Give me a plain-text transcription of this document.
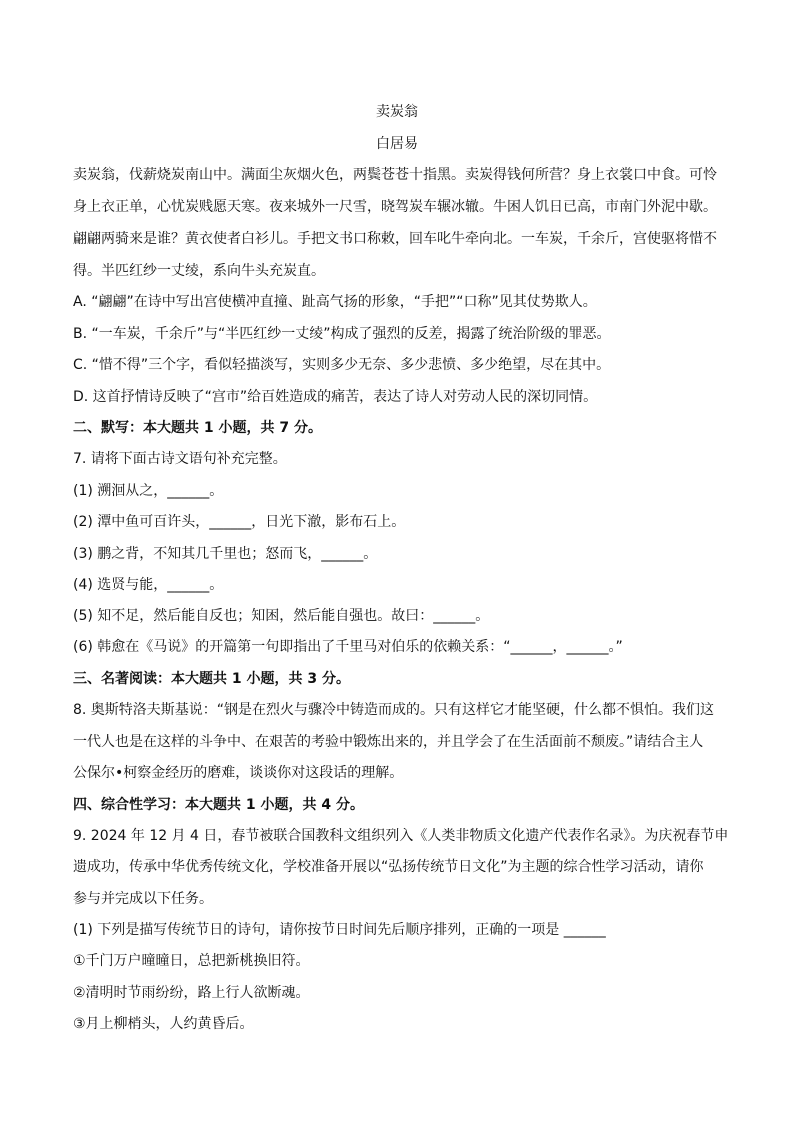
卖炭翁
白居易
卖炭翁，伐薪烧炭南山中。满面尘灰烟火色，两鬓苍苍十指黑。卖炭得钱何所营？身上衣裳口中食。可怜
身上衣正单，心忧炭贱愿天寒。夜来城外一尺雪，晓驾炭车辗冰辙。牛困人饥日已高，市南门外泥中歇。
翩翩两骑来是谁？黄衣使者白衫儿。手把文书口称敕，回车叱牛牵向北。一车炭，千余斤，宫使驱将惜不
得。半匹红纱一丈绫，系向牛头充炭直。
A. “翩翩”在诗中写出宫使横冲直撞、趾高气扬的形象，“手把”“口称”见其仗势欺人。
B. “一车炭，千余斤”与“半匹红纱一丈绫”构成了强烈的反差，揭露了统治阶级的罪恶。
C. “惜不得”三个字，看似轻描淡写，实则多少无奈、多少悲愤、多少绝望，尽在其中。
D. 这首抒情诗反映了“宫市”给百姓造成的痛苦，表达了诗人对劳动人民的深切同情。
二、默写：本大题共 1 小题，共 7 分。
7. 请将下面古诗文语句补充完整。
(1) 溯洄从之，______。
(2) 潭中鱼可百许头，______，日光下澈，影布石上。
(3) 鹏之背，不知其几千里也；怒而飞，______。
(4) 选贤与能，______。
(5) 知不足，然后能自反也；知困，然后能自强也。故曰：______。
(6) 韩愈在《马说》的开篇第一句即指出了千里马对伯乐的依赖关系：“______，______。”
三、名著阅读：本大题共 1 小题，共 3 分。
8. 奥斯特洛夫斯基说：“钢是在烈火与骤冷中铸造而成的。只有这样它才能坚硬，什么都不惧怕。我们这
一代人也是在这样的斗争中、在艰苦的考验中锻炼出来的，并且学会了在生活面前不颓废。”请结合主人
公保尔•柯察金经历的磨难，谈谈你对这段话的理解。
四、综合性学习：本大题共 1 小题，共 4 分。
9. 2024 年 12 月 4 日，春节被联合国教科文组织列入《人类非物质文化遗产代表作名录》。为庆祝春节申
遗成功，传承中华优秀传统文化，学校准备开展以“弘扬传统节日文化”为主题的综合性学习活动，请你
参与并完成以下任务。
(1) 下列是描写传统节日的诗句，请你按节日时间先后顺序排列，正确的一项是 ______
①千门万户曈曈日，总把新桃换旧符。
②清明时节雨纷纷，路上行人欲断魂。
③月上柳梢头，人约黄昏后。
